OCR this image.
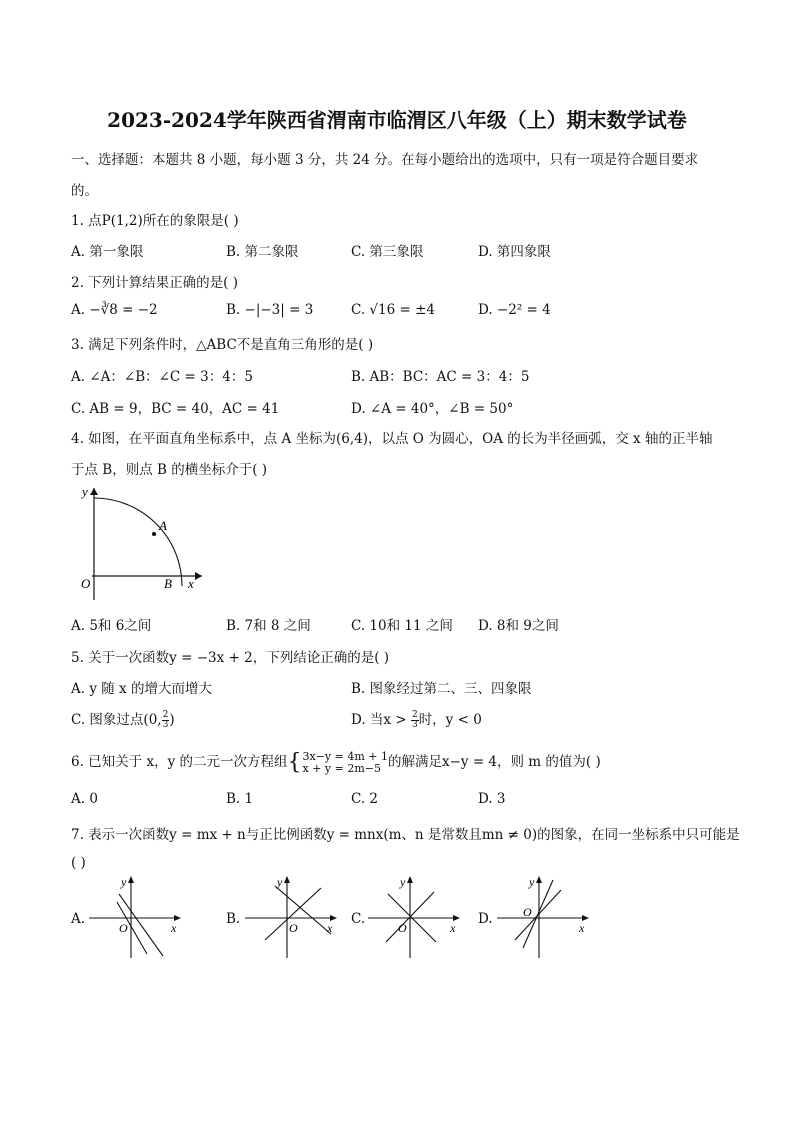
2023-2024学年陕西省渭南市临渭区八年级（上）期末数学试卷
一、选择题：本题共 8 小题，每小题 3 分，共 24 分。在每小题给出的选项中，只有一项是符合题目要求
的。
1. 点P(1,2)所在的象限是( )
A. 第一象限	B. 第二象限	C. 第三象限	D. 第四象限
2. 下列计算结果正确的是( )
A. −∛8 = −2	B. −|−3| = 3	C. √16 = ±4	D. −2² = 4
3. 满足下列条件时，△ABC不是直角三角形的是( )
A. ∠A：∠B：∠C = 3：4：5	B. AB：BC：AC = 3：4：5
C. AB = 9，BC = 40，AC = 41	D. ∠A = 40°，∠B = 50°
4. 如图，在平面直角坐标系中，点 A 坐标为(6,4)，以点 O 为圆心，OA 的长为半径画弧，交 x 轴的正半轴
于点 B，则点 B 的横坐标介于( )
y
x
O
A
B
A. 5和 6之间	B. 7和 8 之间	C. 10和 11 之间 D. 8和 9之间
5. 关于一次函数y = −3x + 2，下列结论正确的是( )
A. y 随 x 的增大而增大	B. 图象经过第二、三、四象限
C. 图象过点(0, $\frac{2}{3}$ )	D. 当$x > \frac{2}{3}$ 时，y < 0
6. 已知关于 x，y 的二元一次方程组{ 3x−y = 4m + 1
x + y = 2m−5 的解满足x−y = 4，则 m 的值为( )
A. 0	B. 1	C. 2	D. 3
7. 表示一次函数y = mx + n与正比例函数y = mnx(m、n 是常数且mn ≠ 0)的图象，在同一坐标系中只可能是
( )
A.	B.	C.	D.
y
x
O
y
x
O
y
x
O
y
x
O
